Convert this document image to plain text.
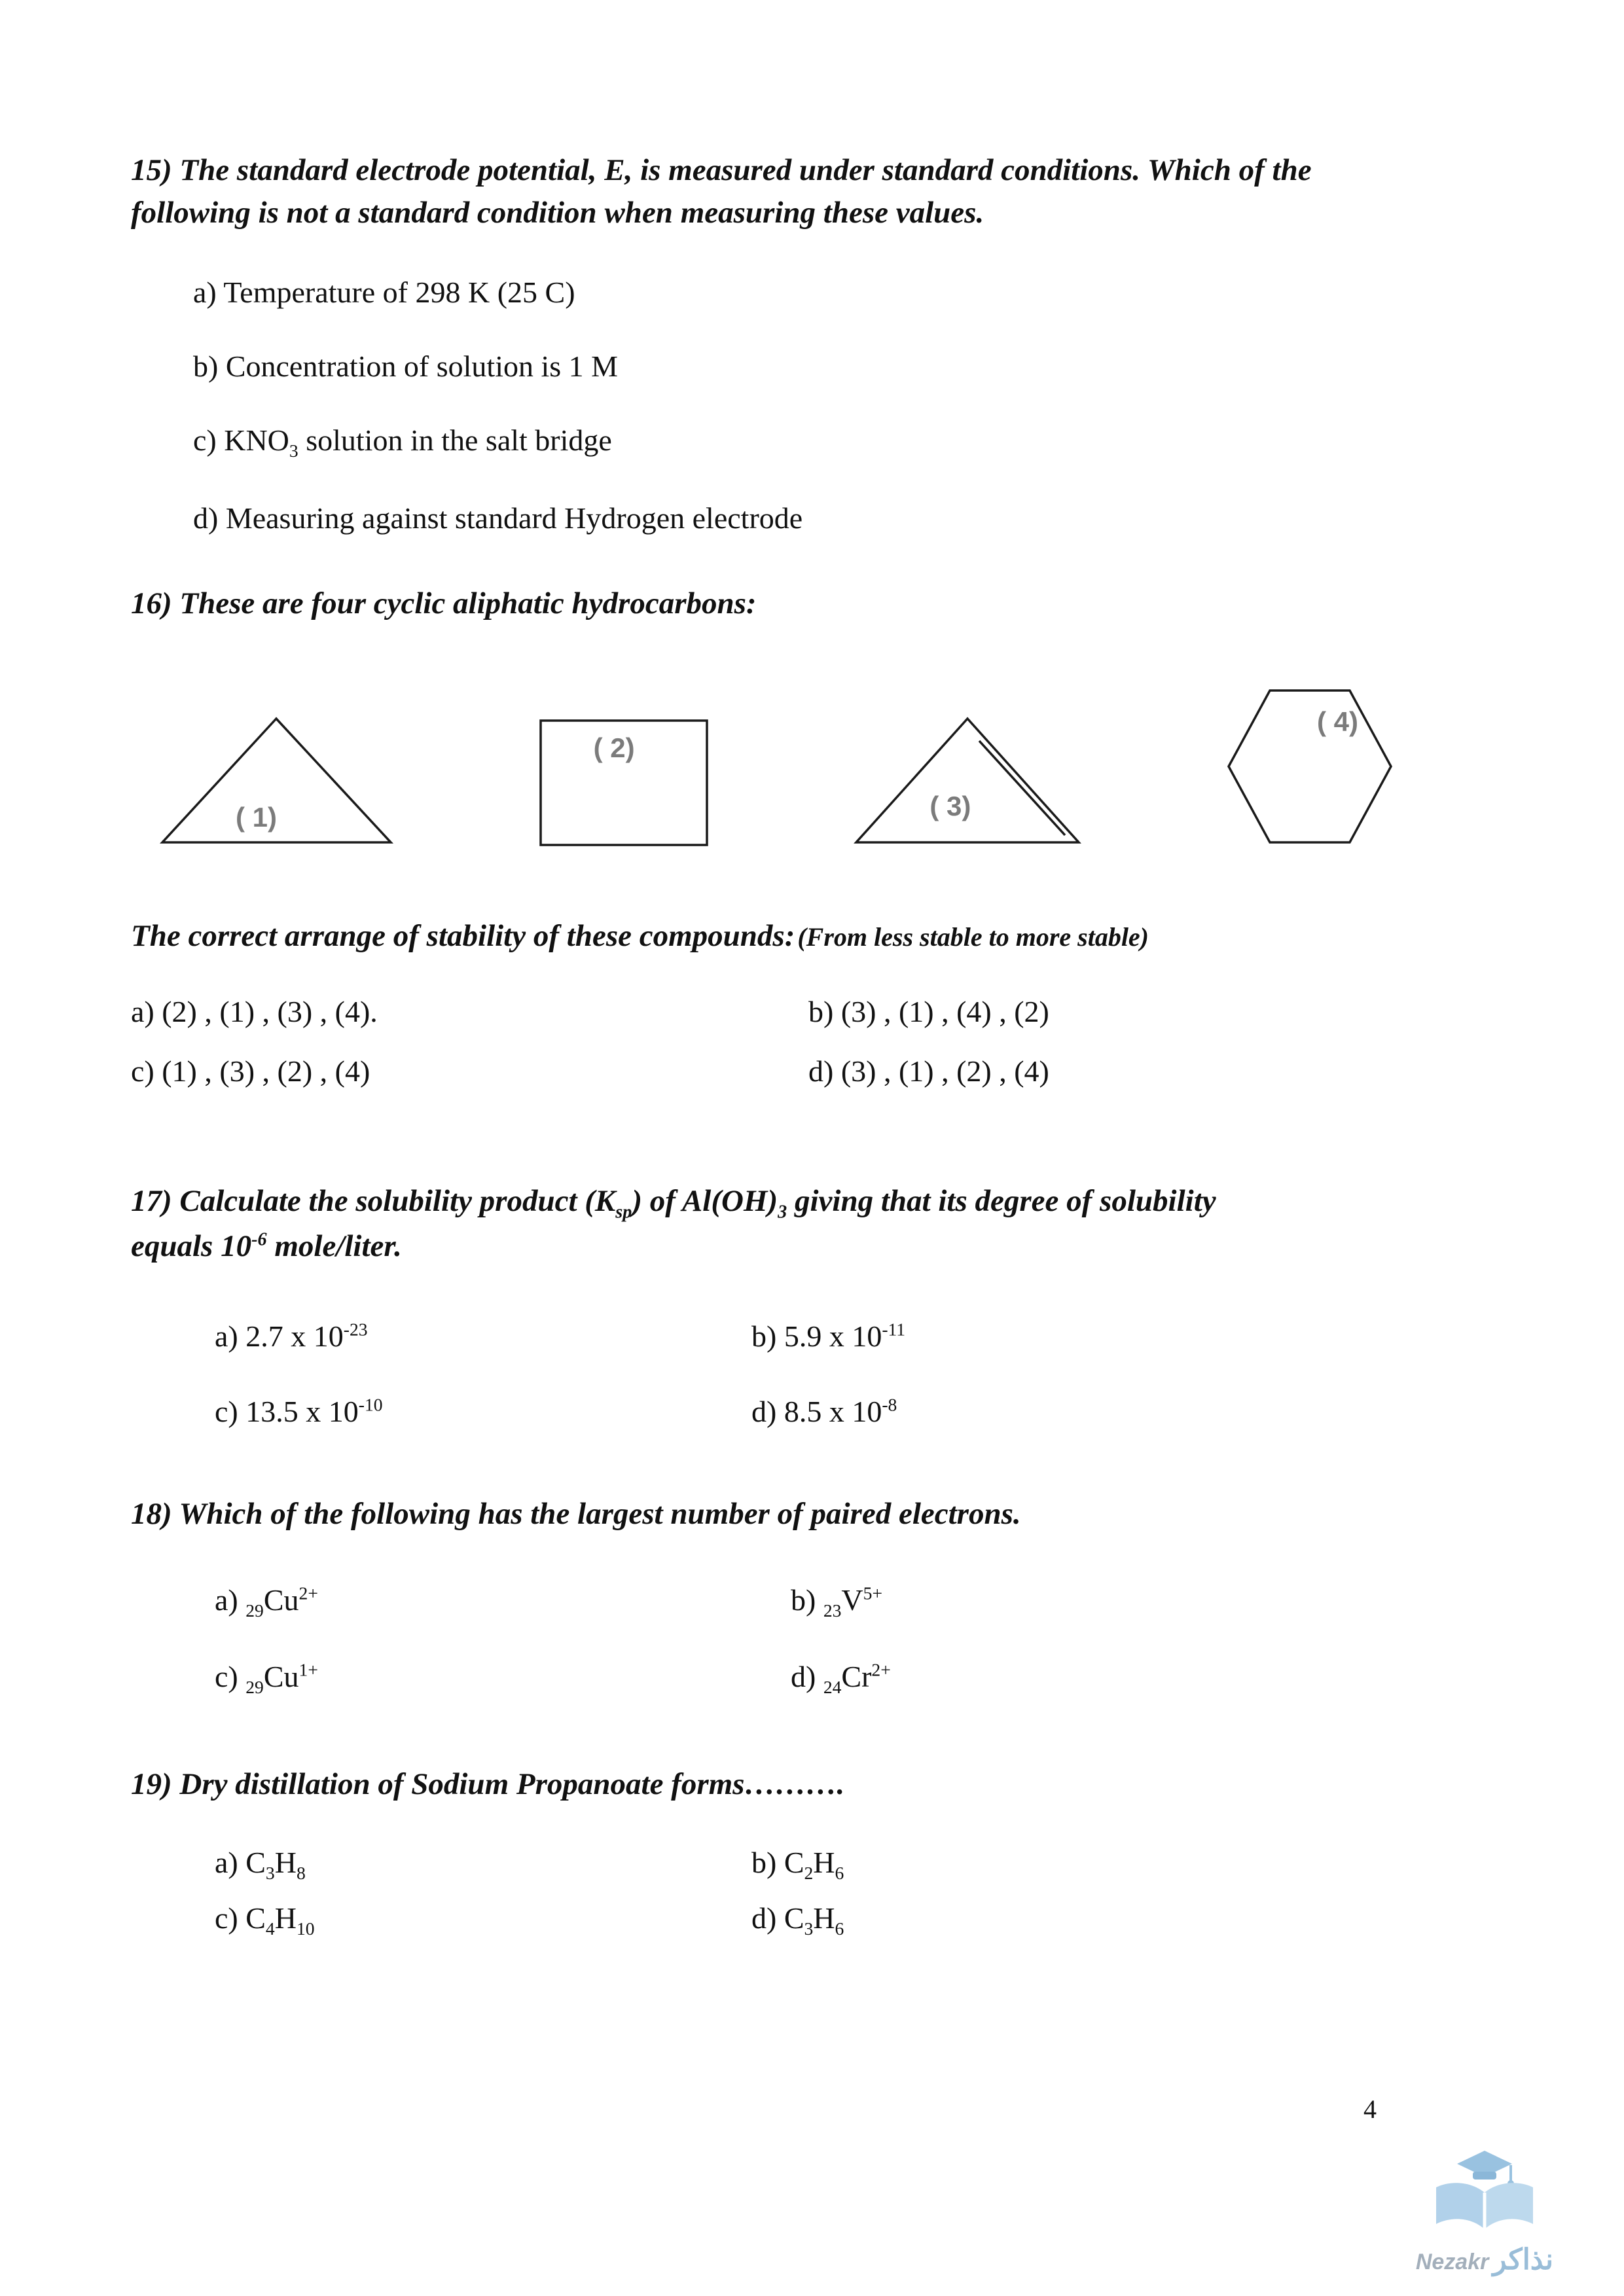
15) The standard electrode potential, E, is measured under standard conditions. Which of the following is not a standard condition when measuring these values.
a) Temperature of 298 K (25 C)
b) Concentration of solution is 1 M
c) $KNO_3$ solution in the salt bridge
d) Measuring against standard Hydrogen electrode
16) These are four cyclic aliphatic hydrocarbons:
( 1)
( 2)
( 3)
( 4)
The correct arrange of stability of these compounds: (From less stable to more stable)
a) (2) , (1) , (3) , (4).	b) (3) , (1) , (4) , (2)
c) (1) , (3) , (2) , (4)	d) (3) , (1) , (2) , (4)
17) Calculate the solubility product $(K_{sp})$ of $Al(OH)_3$ giving that its degree of solubility equals $10^{-6}$ mole/liter.
a) 2.7 x $10^{-23}$	b) 5.9 x $10^{-11}$
c) 13.5 x $10^{-10}$	d) 8.5 x $10^{-8}$
18) Which of the following has the largest number of paired electrons.
a) $_{29}Cu^{2+}$	b) $_{23}V^{5+}$
c) $_{29}Cu^{1+}$	d) $_{24}Cr^{2+}$
19) Dry distillation of Sodium Propanoate forms……….
a) $C_3H_8$	b) $C_2H_6$
c) $C_4H_{10}$	d) $C_3H_6$
4
Nezakr نذاكر
